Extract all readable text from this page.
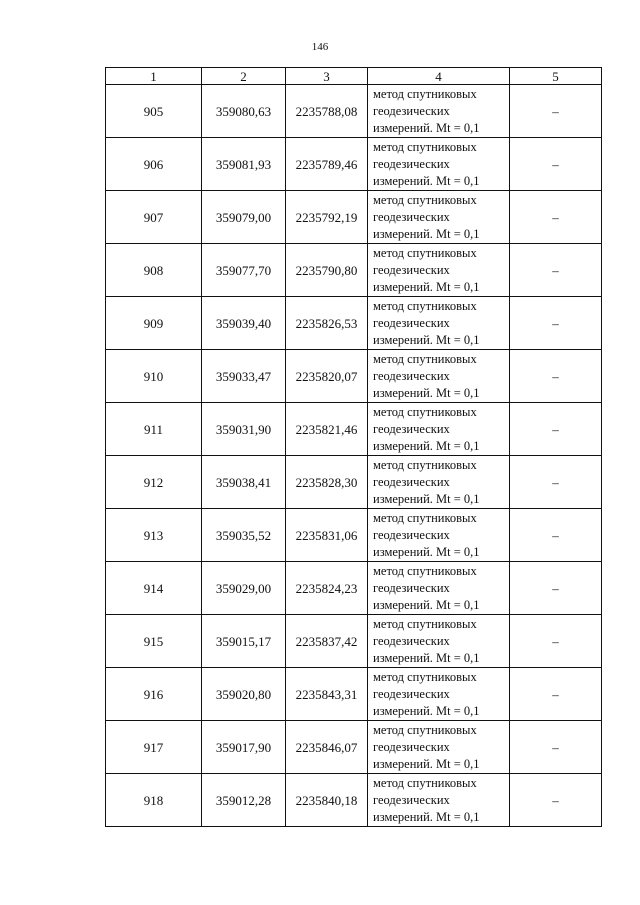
146
1	2	3	4	5
905	359080,63	2235788,08	метод спутниковых
геодезических
измерений. Mt = 0,1	–
906	359081,93	2235789,46	метод спутниковых
геодезических
измерений. Mt = 0,1	–
907	359079,00	2235792,19	метод спутниковых
геодезических
измерений. Mt = 0,1	–
908	359077,70	2235790,80	метод спутниковых
геодезических
измерений. Mt = 0,1	–
909	359039,40	2235826,53	метод спутниковых
геодезических
измерений. Mt = 0,1	–
910	359033,47	2235820,07	метод спутниковых
геодезических
измерений. Mt = 0,1	–
911	359031,90	2235821,46	метод спутниковых
геодезических
измерений. Mt = 0,1	–
912	359038,41	2235828,30	метод спутниковых
геодезических
измерений. Mt = 0,1	–
913	359035,52	2235831,06	метод спутниковых
геодезических
измерений. Mt = 0,1	–
914	359029,00	2235824,23	метод спутниковых
геодезических
измерений. Mt = 0,1	–
915	359015,17	2235837,42	метод спутниковых
геодезических
измерений. Mt = 0,1	–
916	359020,80	2235843,31	метод спутниковых
геодезических
измерений. Mt = 0,1	–
917	359017,90	2235846,07	метод спутниковых
геодезических
измерений. Mt = 0,1	–
918	359012,28	2235840,18	метод спутниковых
геодезических
измерений. Mt = 0,1	–
